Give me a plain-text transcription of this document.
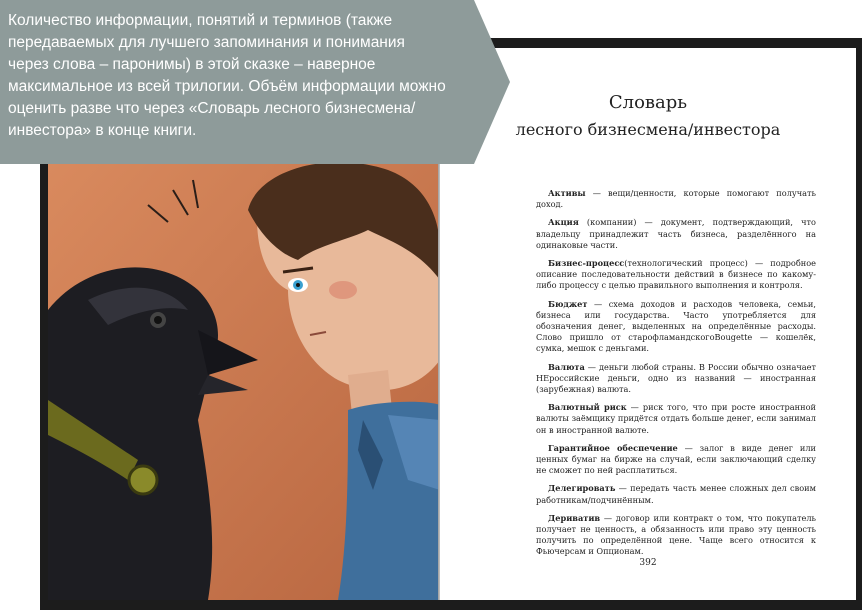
Словарь
лесного бизнесмена/инвестора

Активы — вещи/ценности, которые помогают получать доход.

Акция (компании) — документ, подтверждающий, что владельцу принадлежит часть бизнеса, разделённого на одинаковые части.

Бизнес-процесс(технологический процесс) — подробное описание последовательности действий в бизнесе по какому-либо процессу с целью правильного выполнения и контроля.

Бюджет — схема доходов и расходов человека, семьи, бизнеса или государства. Часто употребляется для обозначения денег, выделенных на определённые расходы. Слово пришло от старофламандскогоBougette — кошелёк, сумка, мешок с деньгами.

Валюта — деньги любой страны. В России обычно означает НЕроссийские деньги, одно из названий — иностранная (зарубежная) валюта.

Валютный риск — риск того, что при росте иностранной валюты заёмщику придётся отдать больше денег, если занимал он в иностранной валюте.

Гарантийное обеспечение — залог в виде денег или ценных бумаг на бирже на случай, если заключающий сделку не сможет по ней расплатиться.

Делегировать — передать часть менее сложных дел своим работникам/подчинённым.

Дериватив — договор или контракт о том, что покупатель получает не ценность, а обязанность или право эту ценность получить по определённой цене. Чаще всего относится к Фьючерсам и Опционам.

392
Количество информации, понятий и терминов (также передаваемых для лучшего запоминания и понимания через слова – паронимы) в этой сказке – наверное максимальное из всей трилогии. Объём информации можно оценить разве что через «Словарь лесного бизнесмена/инвестора» в конце книги.
